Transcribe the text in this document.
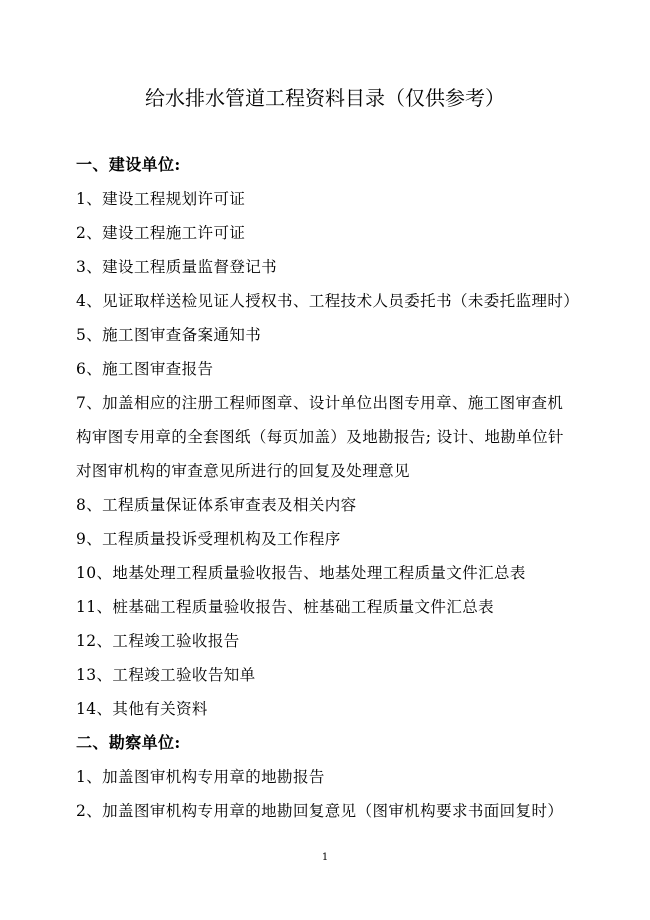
给水排水管道工程资料目录（仅供参考）
一、建设单位:
1、建设工程规划许可证
2、建设工程施工许可证
3、建设工程质量监督登记书
4、见证取样送检见证人授权书、工程技术人员委托书（未委托监理时）
5、施工图审查备案通知书
6、施工图审查报告
7、加盖相应的注册工程师图章、设计单位出图专用章、施工图审查机
构审图专用章的全套图纸（每页加盖）及地勘报告; 设计、地勘单位针
对图审机构的审查意见所进行的回复及处理意见
8、工程质量保证体系审查表及相关内容
9、工程质量投诉受理机构及工作程序
10、地基处理工程质量验收报告、地基处理工程质量文件汇总表
11、桩基础工程质量验收报告、桩基础工程质量文件汇总表
12、工程竣工验收报告
13、工程竣工验收告知单
14、其他有关资料
二、勘察单位:
1、加盖图审机构专用章的地勘报告
2、加盖图审机构专用章的地勘回复意见（图审机构要求书面回复时）
1
